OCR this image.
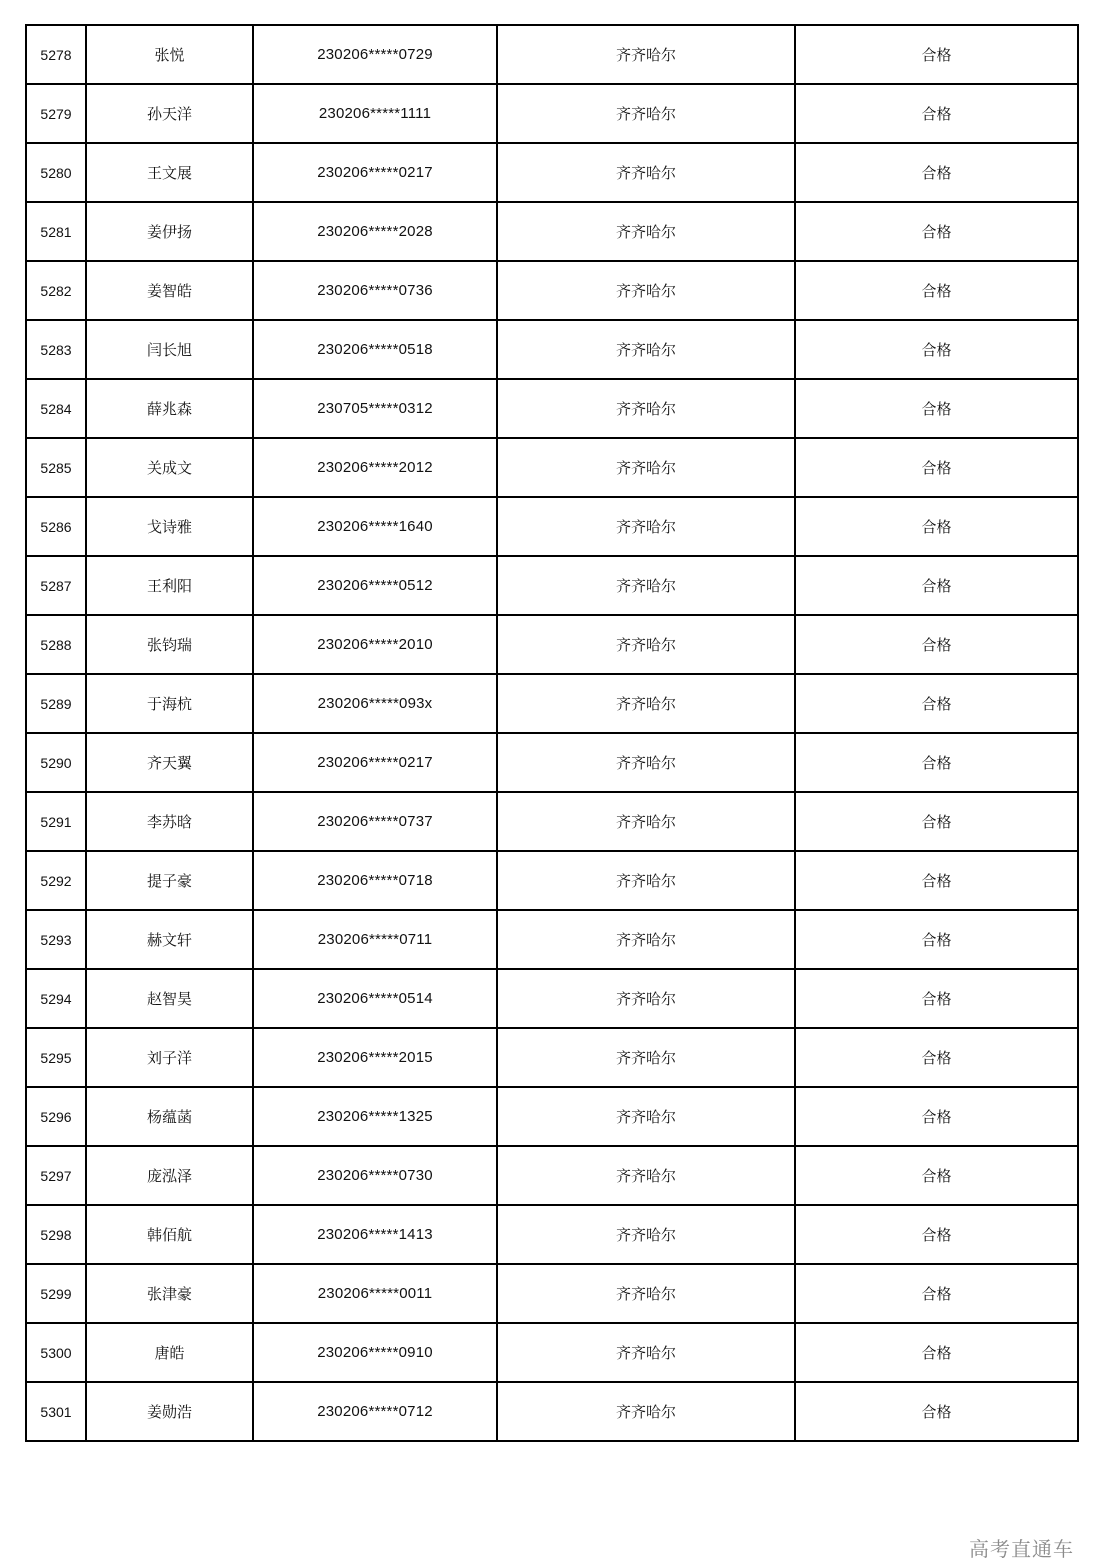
5278	张悦	230206*****0729	齐齐哈尔	合格
5279	孙天洋	230206*****1111	齐齐哈尔	合格
5280	王文展	230206*****0217	齐齐哈尔	合格
5281	姜伊扬	230206*****2028	齐齐哈尔	合格
5282	姜智皓	230206*****0736	齐齐哈尔	合格
5283	闫长旭	230206*****0518	齐齐哈尔	合格
5284	薛兆森	230705*****0312	齐齐哈尔	合格
5285	关成文	230206*****2012	齐齐哈尔	合格
5286	戈诗雅	230206*****1640	齐齐哈尔	合格
5287	王利阳	230206*****0512	齐齐哈尔	合格
5288	张钧瑞	230206*****2010	齐齐哈尔	合格
5289	于海杭	230206*****093x	齐齐哈尔	合格
5290	齐天翼	230206*****0217	齐齐哈尔	合格
5291	李苏晗	230206*****0737	齐齐哈尔	合格
5292	提子豪	230206*****0718	齐齐哈尔	合格
5293	赫文轩	230206*****0711	齐齐哈尔	合格
5294	赵智昊	230206*****0514	齐齐哈尔	合格
5295	刘子洋	230206*****2015	齐齐哈尔	合格
5296	杨蕴菡	230206*****1325	齐齐哈尔	合格
5297	庞泓泽	230206*****0730	齐齐哈尔	合格
5298	韩佰航	230206*****1413	齐齐哈尔	合格
5299	张津豪	230206*****0011	齐齐哈尔	合格
5300	唐皓	230206*****0910	齐齐哈尔	合格
5301	姜勋浩	230206*****0712	齐齐哈尔	合格
高考直通车
